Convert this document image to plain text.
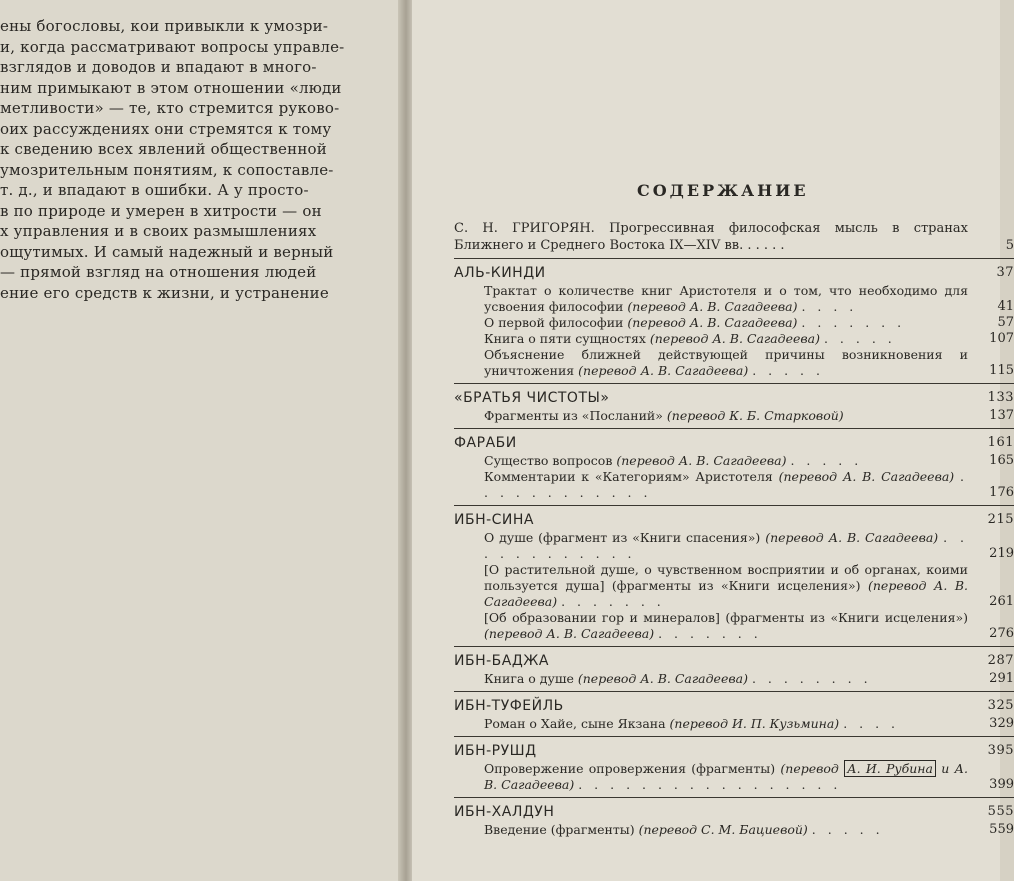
ены богословы, кои привыкли к умозри-
и, когда рассматривают вопросы управле-
взглядов и доводов и впадают в много-
ним примыкают в этом отношении «люди
метливости» — те, кто стремится руково-
оих рассуждениях они стремятся к тому
к сведению всех явлений общественной
умозрительным понятиям, к сопоставле-
т. д., и впадают в ошибки. А у просто-
в по природе и умерен в хитрости — он
х управления и в своих размышлениях
ощутимых. И самый надежный и верный
— прямой взгляд на отношения людей
ение его средств к жизни, и устранение
СОДЕРЖАНИЕ
С. Н. ГРИГОРЯН. Прогрессивная философская мысль в странах Ближнего и Среднего Востока IX—XIV вв. . . . . .	5
АЛЬ-КИНДИ	37
Трактат о количестве книг Аристотеля и о том, что необходимо для усвоения философии (перевод А. В. Сагадеева) . . . .	41
О первой философии (перевод А. В. Сагадеева) . . . . . . .	57
Книга о пяти сущностях (перевод А. В. Сагадеева) . . . . .	107
Объяснение ближней действующей причины возникновения и уничтожения (перевод А. В. Сагадеева) . . . . .	115
«БРАТЬЯ ЧИСТОТЫ»	133
Фрагменты из «Посланий» (перевод К. Б. Старковой)	137
ФАРАБИ	161
Существо вопросов (перевод А. В. Сагадеева) . . . . .	165
Комментарии к «Категориям» Аристотеля (перевод А. В. Сагадеева) . . . . . . . . . . . .	176
ИБН-СИНА	215
О душе (фрагмент из «Книги спасения») (перевод А. В. Сагадеева) . . . . . . . . . . . .	219
[О растительной душе, о чувственном восприятии и об органах, коими пользуется душа] (фрагменты из «Книги исцеления») (перевод А. В. Сагадеева) . . . . . . .	261
[Об образовании гор и минералов] (фрагменты из «Книги исцеления») (перевод А. В. Сагадеева) . . . . . . .	276
ИБН-БАДЖА	287
Книга о душе (перевод А. В. Сагадеева) . . . . . . . .	291
ИБН-ТУФЕЙЛЬ	325
Роман о Хайе, сыне Якзана (перевод И. П. Кузьмина) . . . .	329
ИБН-РУШД	395
Опровержение опровержения (фрагменты) (перевод А. И. Рубина и А. В. Сагадеева) . . . . . . . . . . . . . . . . .	399
ИБН-ХАЛДУН	555
Введение (фрагменты) (перевод С. М. Бациевой) . . . . .	559
